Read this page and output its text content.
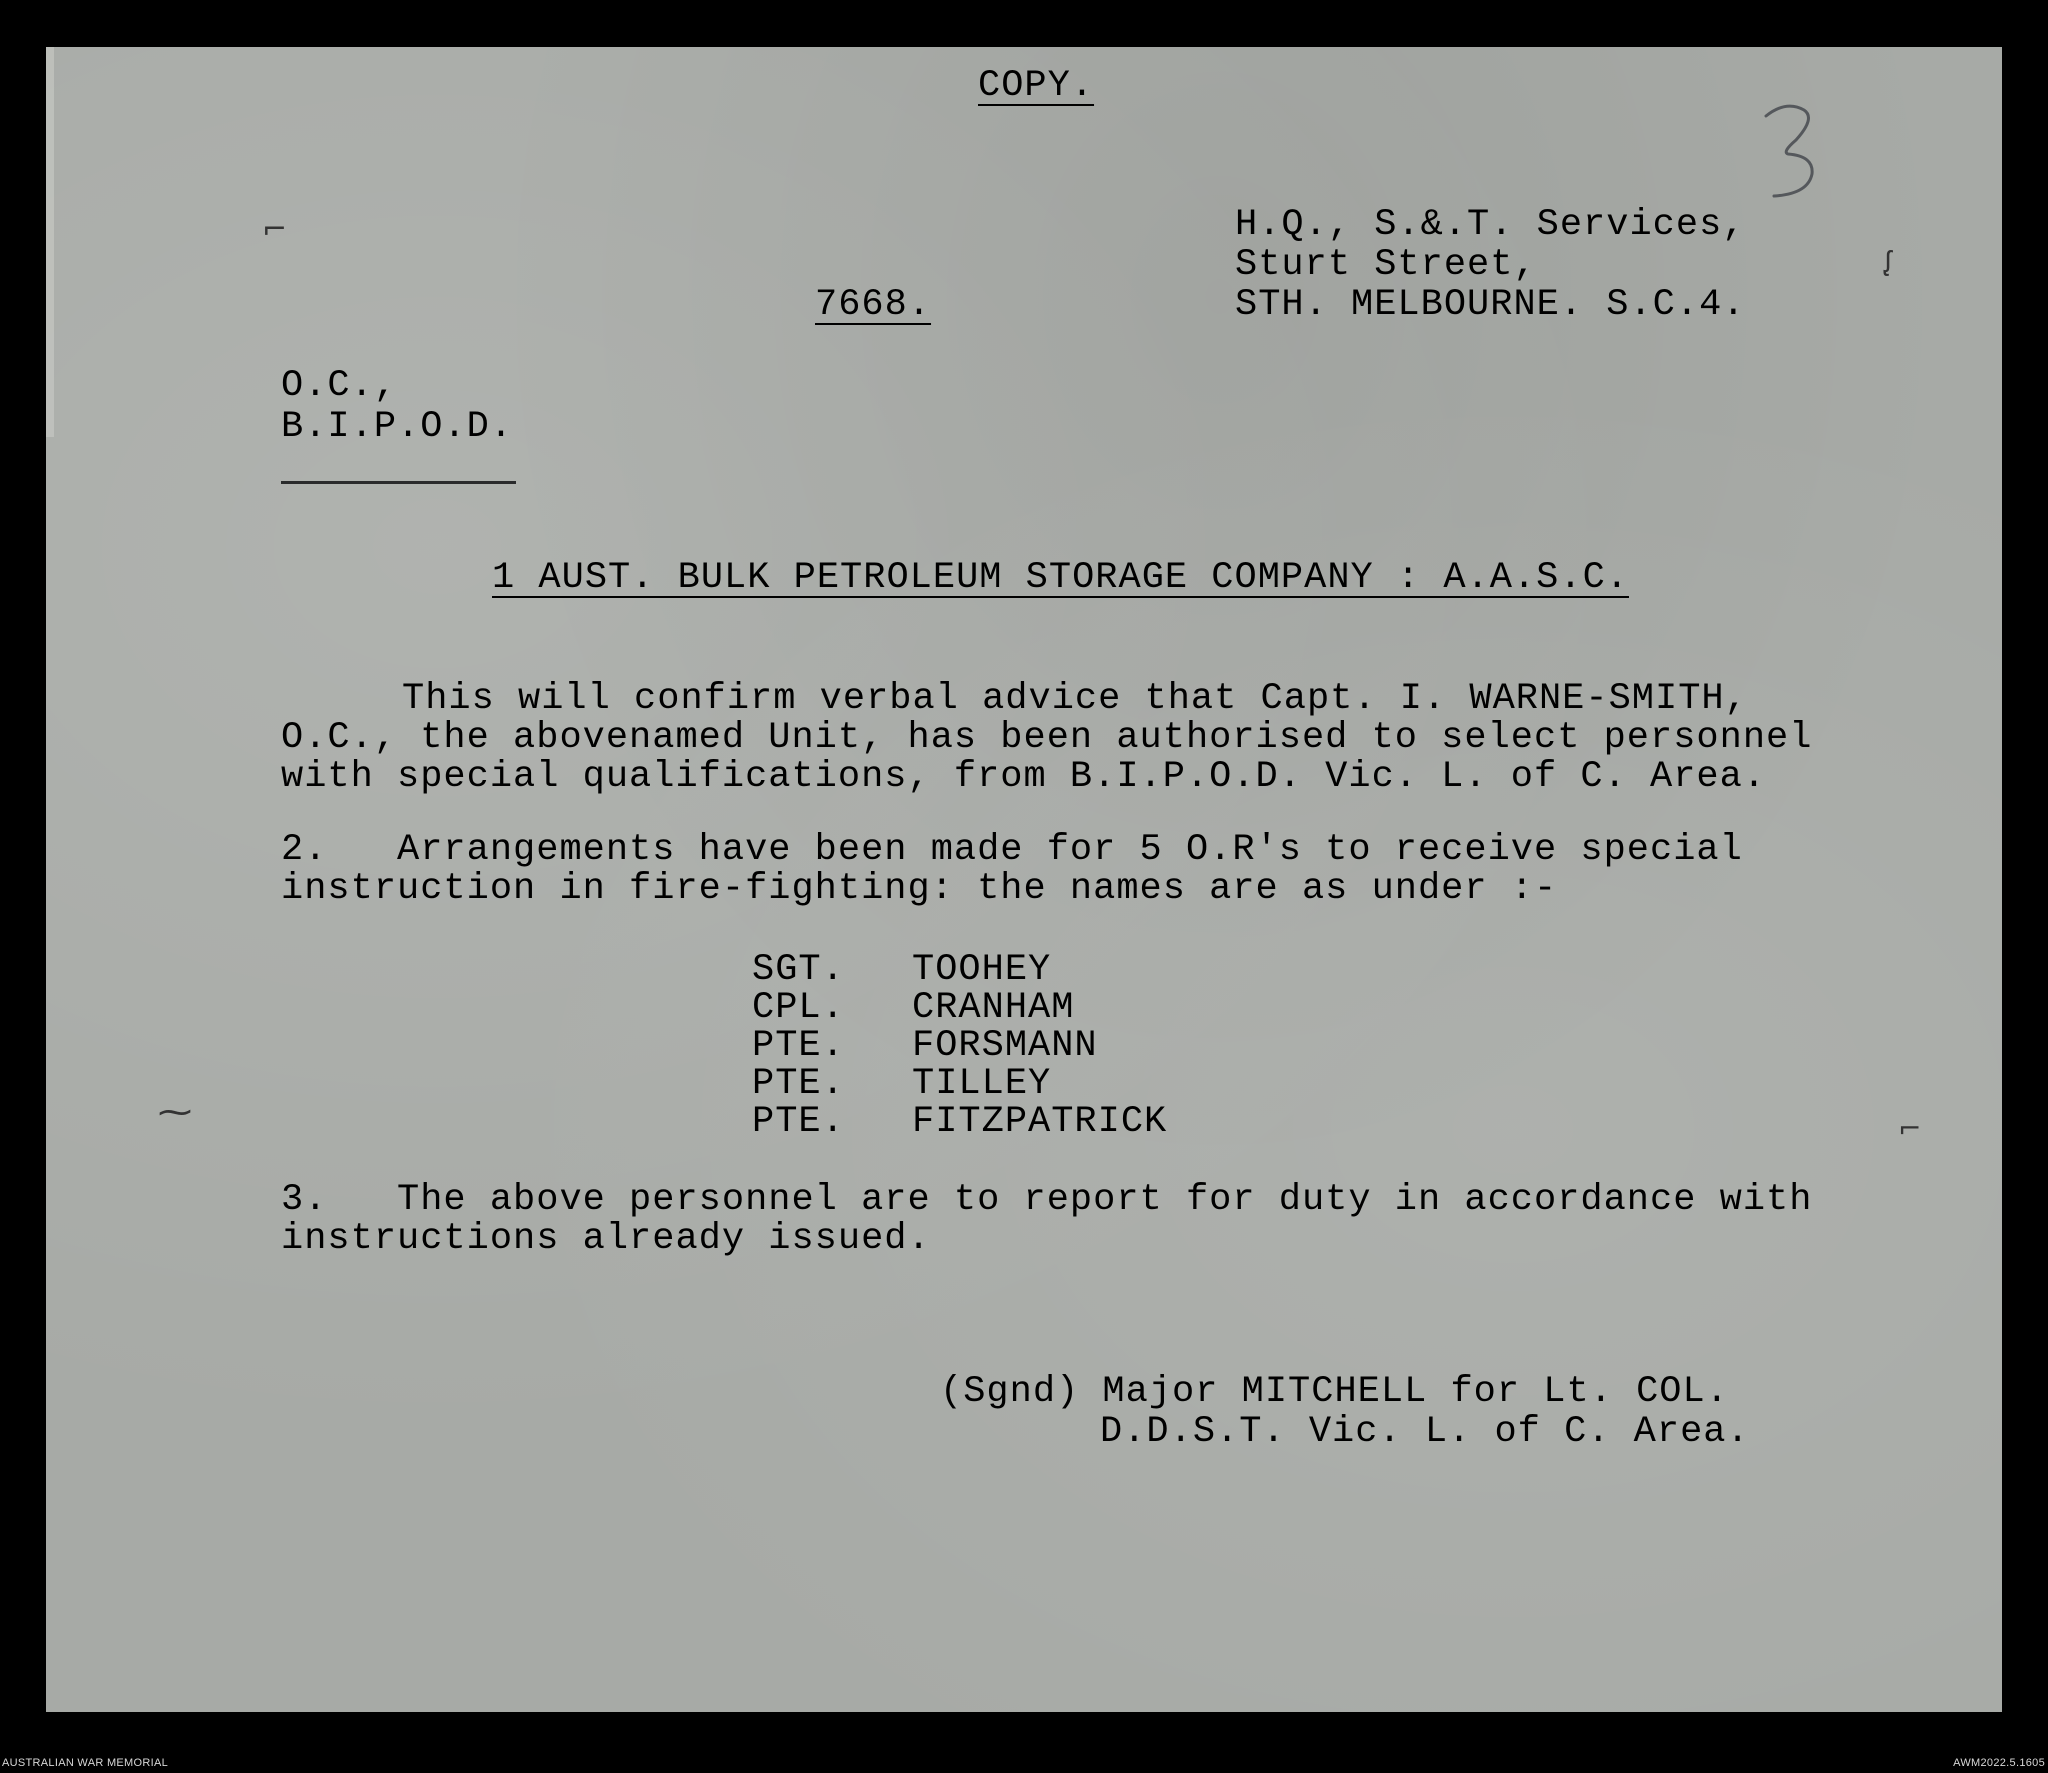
⌐
ᶘ
⁓	⌐
COPY.
H.Q., S.&.T. Services,
Sturt Street,
STH. MELBOURNE. S.C.4.
7668.
O.C.,
B.I.P.O.D.
1 AUST. BULK PETROLEUM STORAGE COMPANY : A.A.S.C.
This will confirm verbal advice that Capt. I. WARNE-SMITH,
O.C., the abovenamed Unit, has been authorised to select personnel
with special qualifications, from B.I.P.O.D. Vic. L. of C. Area.
2.   Arrangements have been made for 5 O.R's to receive special
instruction in fire-fighting: the names are as under :-
SGT. TOOHEY
CPL. CRANHAM
PTE. FORSMANN
PTE. TILLEY
PTE. FITZPATRICK
3.   The above personnel are to report for duty in accordance with
instructions already issued.
(Sgnd) Major MITCHELL for Lt. COL.
D.D.S.T. Vic. L. of C. Area.
AUSTRALIAN WAR MEMORIAL	AWM2022.5.1605
